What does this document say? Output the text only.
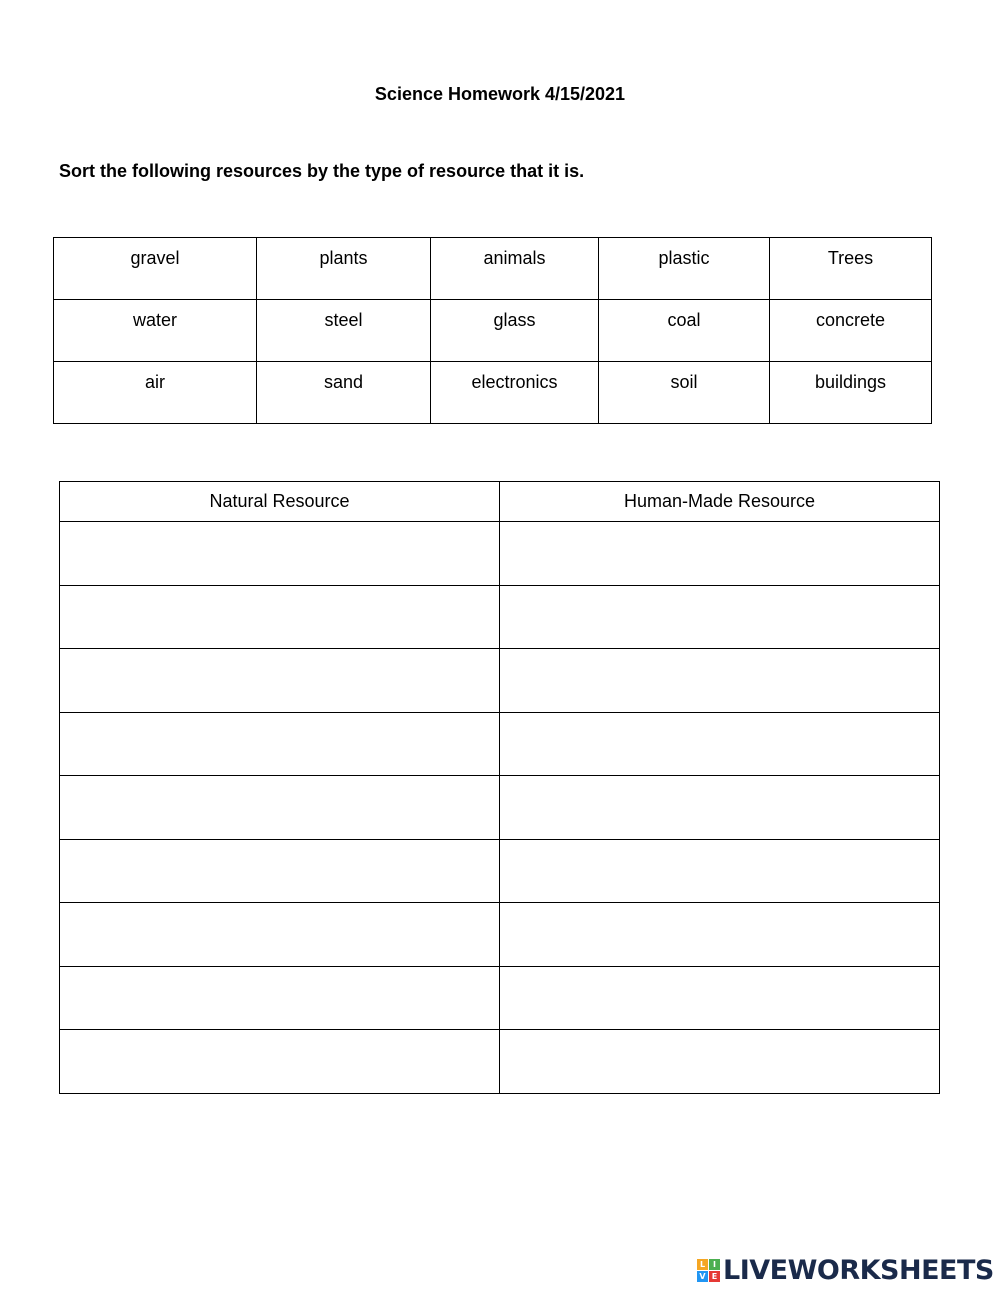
Science Homework 4/15/2021
Sort the following resources by the type of resource that it is.
gravel	plants	animals	plastic	Trees
water	steel	glass	coal	concrete
air	sand	electronics	soil	buildings
Natural Resource	Human-Made Resource

L I
V E LIVEWORKSHEETS
